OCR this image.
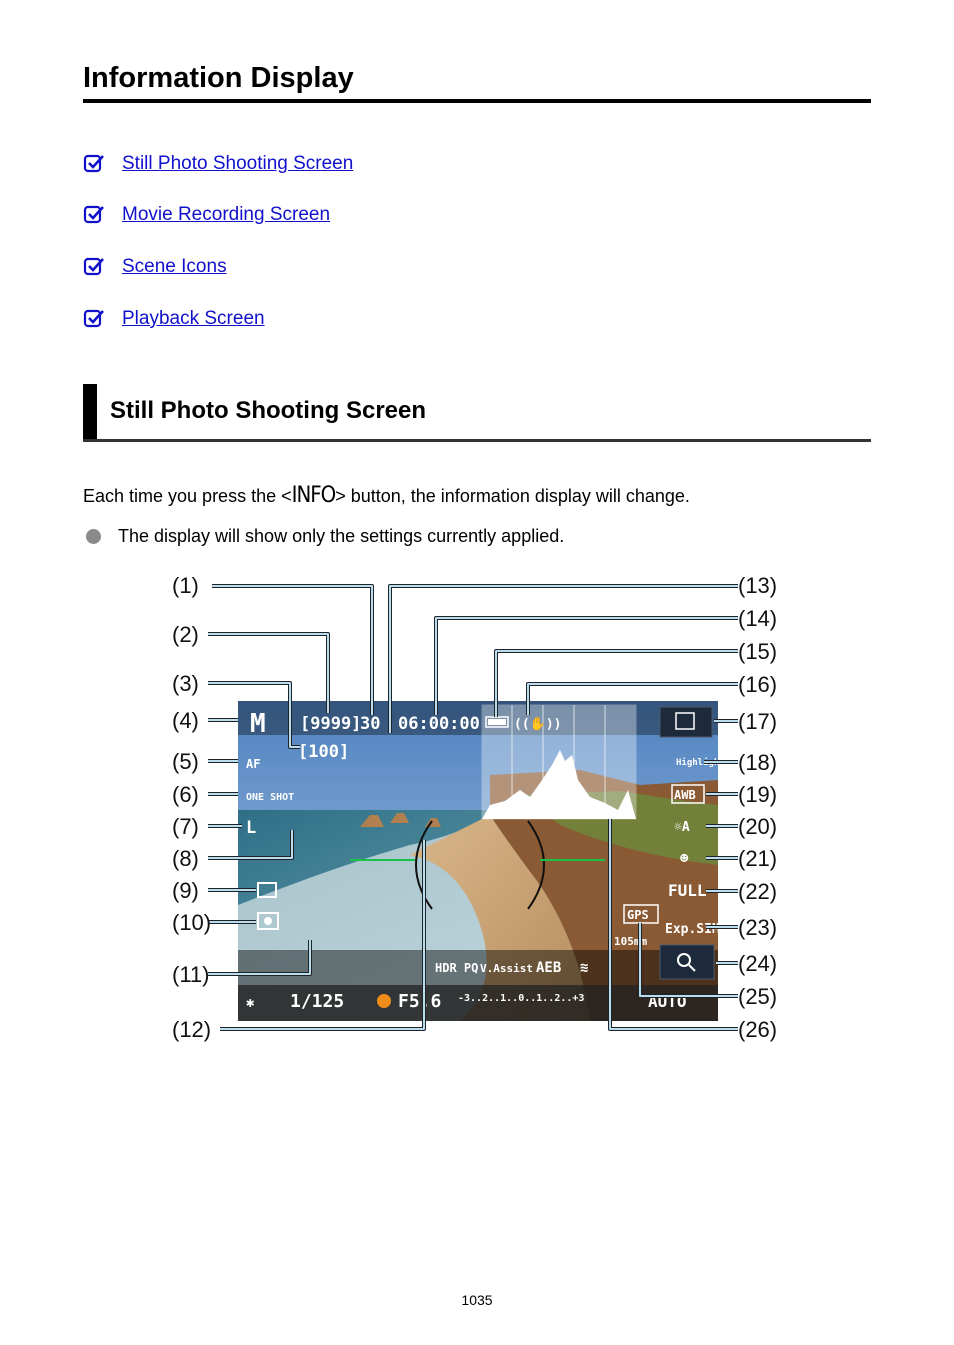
Information Display
Still Photo Shooting Screen
Movie Recording Screen
Scene Icons
Playback Screen
Still Photo Shooting Screen
Each time you press the <INFO> button, the information display will change.
The display will show only the settings currently applied.
M [9999]
30 06:00:00	((✋))
[100]
AF
ONE SHOT
L
Highlight OFF
AWB
☼A
☻
FULL
GPS
Exp.SIM
105mm
HDR PQ V.Assist AEB ≋
✱ 1/125	F5.6 -3..2..1..0..1..2..+3	AUTO
(1)
(2)
(3)
(4)
(5)
(6)
(7)
(8)
(9)
(10)
(11)
(12)
(13)
(14)
(15)
(16)
(17)
(18)
(19)
(20)
(21)
(22)
(23)
(24)
(25)
(26)
1035
